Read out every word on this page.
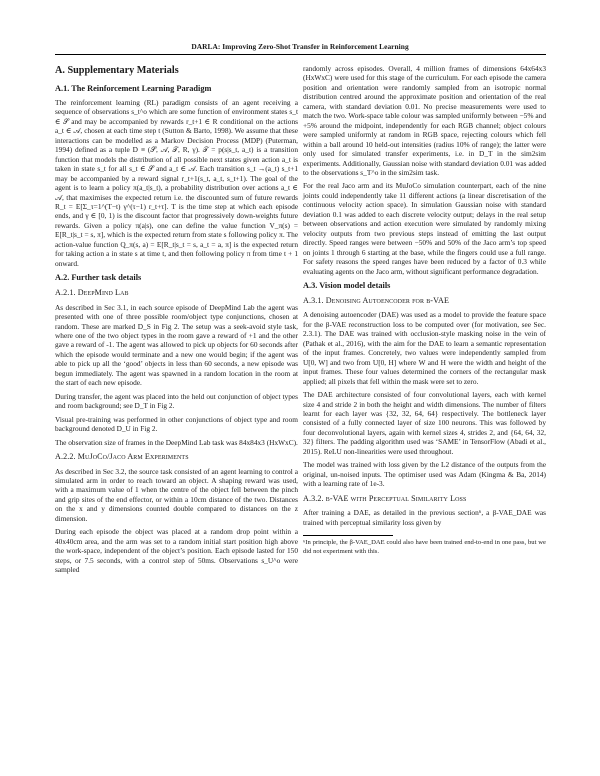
DARLA: Improving Zero-Shot Transfer in Reinforcement Learning
A. Supplementary Materials
A.1. The Reinforcement Learning Paradigm

The reinforcement learning (RL) paradigm consists of an agent receiving a sequence of observations s_t^o which are some function of environment states s_t ∈ 𝒮 and may be accompanied by rewards r_t+1 ∈ R conditional on the actions a_t ∈ 𝒜, chosen at each time step t (Sutton & Barto, 1998). We assume that these interactions can be modelled as a Markov Decision Process (MDP) (Puterman, 1994) defined as a tuple D ≡ (𝒮, 𝒜, 𝒯, R, γ). 𝒯 = p(s|s_t, a_t) is a transition function that models the distribution of all possible next states given action a_t is taken in state s_t for all s_t ∈ 𝒮 and a_t ∈ 𝒜. Each transition s_t →(a_t) s_t+1 may be accompanied by a reward signal r_t+1(s_t, a_t, s_t+1). The goal of the agent is to learn a policy π(a_t|s_t), a probability distribution over actions a_t ∈ 𝒜, that maximises the expected return i.e. the discounted sum of future rewards R_t = E[Σ_τ=1^(T−t) γ^(τ−1) r_t+τ]. T is the time step at which each episode ends, and γ ∈ [0, 1) is the discount factor that progressively down-weights future rewards. Given a policy π(a|s), one can define the value function V_π(s) = E[R_t|s_t = s, π], which is the expected return from state s following policy π. The action-value function Q_π(s, a) = E[R_t|s_t = s, a_t = a, π] is the expected return for taking action a in state s at time t, and then following policy π from time t + 1 onward.

A.2. Further task details
A.2.1. DeepMind Lab

As described in Sec 3.1, in each source episode of DeepMind Lab the agent was presented with one of three possible room/object type conjunctions, chosen at random. These are marked D_S in Fig 2. The setup was a seek-avoid style task, where one of the two object types in the room gave a reward of +1 and the other gave a reward of -1. The agent was allowed to pick up objects for 60 seconds after which the episode would terminate and a new one would begin; if the agent was able to pick up all the ‘good’ objects in less than 60 seconds, a new episode was begun immediately. The agent was spawned in a random location in the room at the start of each new episode.

During transfer, the agent was placed into the held out conjunction of object types and room background; see D_T in Fig 2.

Visual pre-training was performed in other conjunctions of object type and room background denoted D_U in Fig 2.

The observation size of frames in the DeepMind Lab task was 84x84x3 (HxWxC).

A.2.2. MuJoCo/Jaco Arm Experiments

As described in Sec 3.2, the source task consisted of an agent learning to control a simulated arm in order to reach toward an object. A shaping reward was used, with a maximum value of 1 when the centre of the object fell between the pinch and grip sites of the end effector, or within a 10cm distance of the two. Distances on the x and y dimensions counted double compared to distances on the z dimension.

During each episode the object was placed at a random drop point within a 40x40cm area, and the arm was set to a random initial start position high above the work-space, independent of the object’s position. Each episode lasted for 150 steps, or 7.5 seconds, with a control step of 50ms. Observations s_U^o were sampled

randomly across episodes. Overall, 4 million frames of dimensions 64x64x3 (HxWxC) were used for this stage of the curriculum. For each episode the camera position and orientation were randomly sampled from an isotropic normal distribution centred around the approximate position and orientation of the real camera, with standard deviation 0.01. No precise measurements were used to match the two. Work-space table colour was sampled uniformly between −5% and +5% around the midpoint, independently for each RGB channel; object colours were sampled uniformly at random in RGB space, rejecting colours which fell within a ball around 10 held-out intensities (radius 10% of range); the latter were only used for simulated transfer experiments, i.e. in D_T in the sim2sim experiments. Additionally, Gaussian noise with standard deviation 0.01 was added to the observations s_T^o in the sim2sim task.

For the real Jaco arm and its MuJoCo simulation counterpart, each of the nine joints could independently take 11 different actions (a linear discretisation of the continuous velocity action space). In simulation Gaussian noise with standard deviation 0.1 was added to each discrete velocity output; delays in the real setup between observations and action execution were simulated by randomly mixing velocity outputs from two previous steps instead of emitting the last output directly. Speed ranges were between −50% and 50% of the Jaco arm’s top speed on joints 1 through 6 starting at the base, while the fingers could use a full range. For safety reasons the speed ranges have been reduced by a factor of 0.3 while evaluating agents on the Jaco arm, without significant performance degradation.

A.3. Vision model details
A.3.1. Denoising Autoencoder for β-VAE

A denoising autoencoder (DAE) was used as a model to provide the feature space for the β-VAE reconstruction loss to be computed over (for motivation, see Sec. 2.3.1). The DAE was trained with occlusion-style masking noise in the vein of (Pathak et al., 2016), with the aim for the DAE to learn a semantic representation of the input frames. Concretely, two values were independently sampled from U[0, W] and two from U[0, H] where W and H were the width and height of the input frames. These four values determined the corners of the rectangular mask applied; all pixels that fell within the mask were set to zero.

The DAE architecture consisted of four convolutional layers, each with kernel size 4 and stride 2 in both the height and width dimensions. The number of filters learnt for each layer was {32, 32, 64, 64} respectively. The bottleneck layer consisted of a fully connected layer of size 100 neurons. This was followed by four deconvolutional layers, again with kernel sizes 4, strides 2, and {64, 64, 32, 32} filters. The padding algorithm used was ‘SAME’ in TensorFlow (Abadi et al., 2015). ReLU non-linearities were used throughout.

The model was trained with loss given by the L2 distance of the outputs from the original, un-noised inputs. The optimiser used was Adam (Kingma & Ba, 2014) with a learning rate of 1e-3.

A.3.2. β-VAE with Perceptual Similarity Loss

After training a DAE, as detailed in the previous section⁶, a β-VAE_DAE was trained with perceptual similarity loss given by

⁶In principle, the β-VAE_DAE could also have been trained end-to-end in one pass, but we did not experiment with this.
